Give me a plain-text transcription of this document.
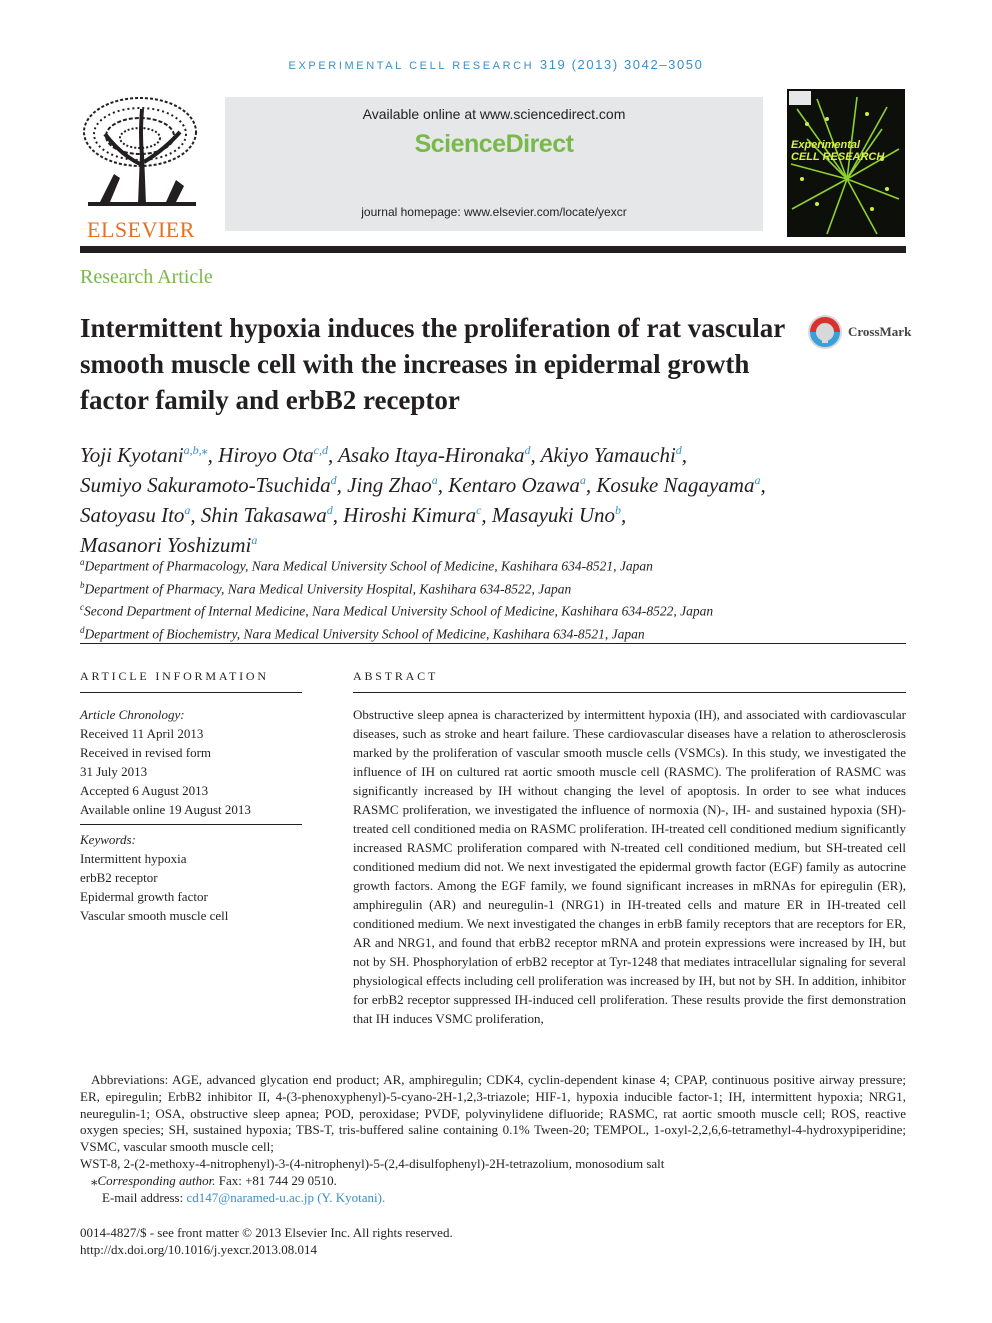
EXPERIMENTAL CELL RESEARCH 319 (2013) 3042–3050
ELSEVIER
Available online at www.sciencedirect.com
ScienceDirect
journal homepage: www.elsevier.com/locate/yexcr
Experimental
CELL RESEARCH
Research Article
Intermittent hypoxia induces the proliferation of rat vascular smooth muscle cell with the increases in epidermal growth factor family and erbB2 receptor
CrossMark
Yoji Kyotani$^{a,b,⁎}$, Hiroyo Ota$^{c,d}$, Asako Itaya-Hironaka$^d$, Akiyo Yamauchi$^d$,
Sumiyo Sakuramoto-Tsuchida$^d$, Jing Zhao$^a$, Kentaro Ozawa$^a$, Kosuke Nagayama$^a$,
Satoyasu Ito$^a$, Shin Takasawa$^d$, Hiroshi Kimura$^c$, Masayuki Uno$^b$,
Masanori Yoshizumi$^a$
$^a$Department of Pharmacology, Nara Medical University School of Medicine, Kashihara 634-8521, Japan
$^b$Department of Pharmacy, Nara Medical University Hospital, Kashihara 634-8522, Japan
$^c$Second Department of Internal Medicine, Nara Medical University School of Medicine, Kashihara 634-8522, Japan
$^d$Department of Biochemistry, Nara Medical University School of Medicine, Kashihara 634-8521, Japan
ARTICLE INFORMATION
Article Chronology:
Received 11 April 2013
Received in revised form
31 July 2013
Accepted 6 August 2013
Available online 19 August 2013
Keywords:
Intermittent hypoxia
erbB2 receptor
Epidermal growth factor
Vascular smooth muscle cell
ABSTRACT
Obstructive sleep apnea is characterized by intermittent hypoxia (IH), and associated with cardiovascular diseases, such as stroke and heart failure. These cardiovascular diseases have a relation to atherosclerosis marked by the proliferation of vascular smooth muscle cells (VSMCs). In this study, we investigated the influence of IH on cultured rat aortic smooth muscle cell (RASMC). The proliferation of RASMC was significantly increased by IH without changing the level of apoptosis. In order to see what induces RASMC proliferation, we investigated the influence of normoxia (N)-, IH- and sustained hypoxia (SH)-treated cell conditioned media on RASMC proliferation. IH-treated cell conditioned medium significantly increased RASMC proliferation compared with N-treated cell conditioned medium, but SH-treated cell conditioned medium did not. We next investigated the epidermal growth factor (EGF) family as autocrine growth factors. Among the EGF family, we found significant increases in mRNAs for epiregulin (ER), amphiregulin (AR) and neuregulin-1 (NRG1) in IH-treated cells and mature ER in IH-treated cell conditioned medium. We next investigated the changes in erbB family receptors that are receptors for ER, AR and NRG1, and found that erbB2 receptor mRNA and protein expressions were increased by IH, but not by SH. Phosphorylation of erbB2 receptor at Tyr-1248 that mediates intracellular signaling for several physiological effects including cell proliferation was increased by IH, but not by SH. In addition, inhibitor for erbB2 receptor suppressed IH-induced cell proliferation. These results provide the first demonstration that IH induces VSMC proliferation,
Abbreviations: AGE, advanced glycation end product; AR, amphiregulin; CDK4, cyclin-dependent kinase 4; CPAP, continuous positive airway pressure; ER, epiregulin; ErbB2 inhibitor II, 4-(3-phenoxyphenyl)-5-cyano-2H-1,2,3-triazole; HIF-1, hypoxia inducible factor-1; IH, intermittent hypoxia; NRG1, neuregulin-1; OSA, obstructive sleep apnea; POD, peroxidase; PVDF, polyvinylidene difluoride; RASMC, rat aortic smooth muscle cell; ROS, reactive oxygen species; SH, sustained hypoxia; TBS-T, tris-buffered saline containing 0.1% Tween-20; TEMPOL, 1-oxyl-2,2,6,6-tetramethyl-4-hydroxypiperidine; VSMC, vascular smooth muscle cell;
WST-8, 2-(2-methoxy-4-nitrophenyl)-3-(4-nitrophenyl)-5-(2,4-disulfophenyl)-2H-tetrazolium, monosodium salt
⁎Corresponding author. Fax: +81 744 29 0510.
E-mail address: cd147@naramed-u.ac.jp (Y. Kyotani).
0014-4827/$ - see front matter © 2013 Elsevier Inc. All rights reserved.
http://dx.doi.org/10.1016/j.yexcr.2013.08.014
